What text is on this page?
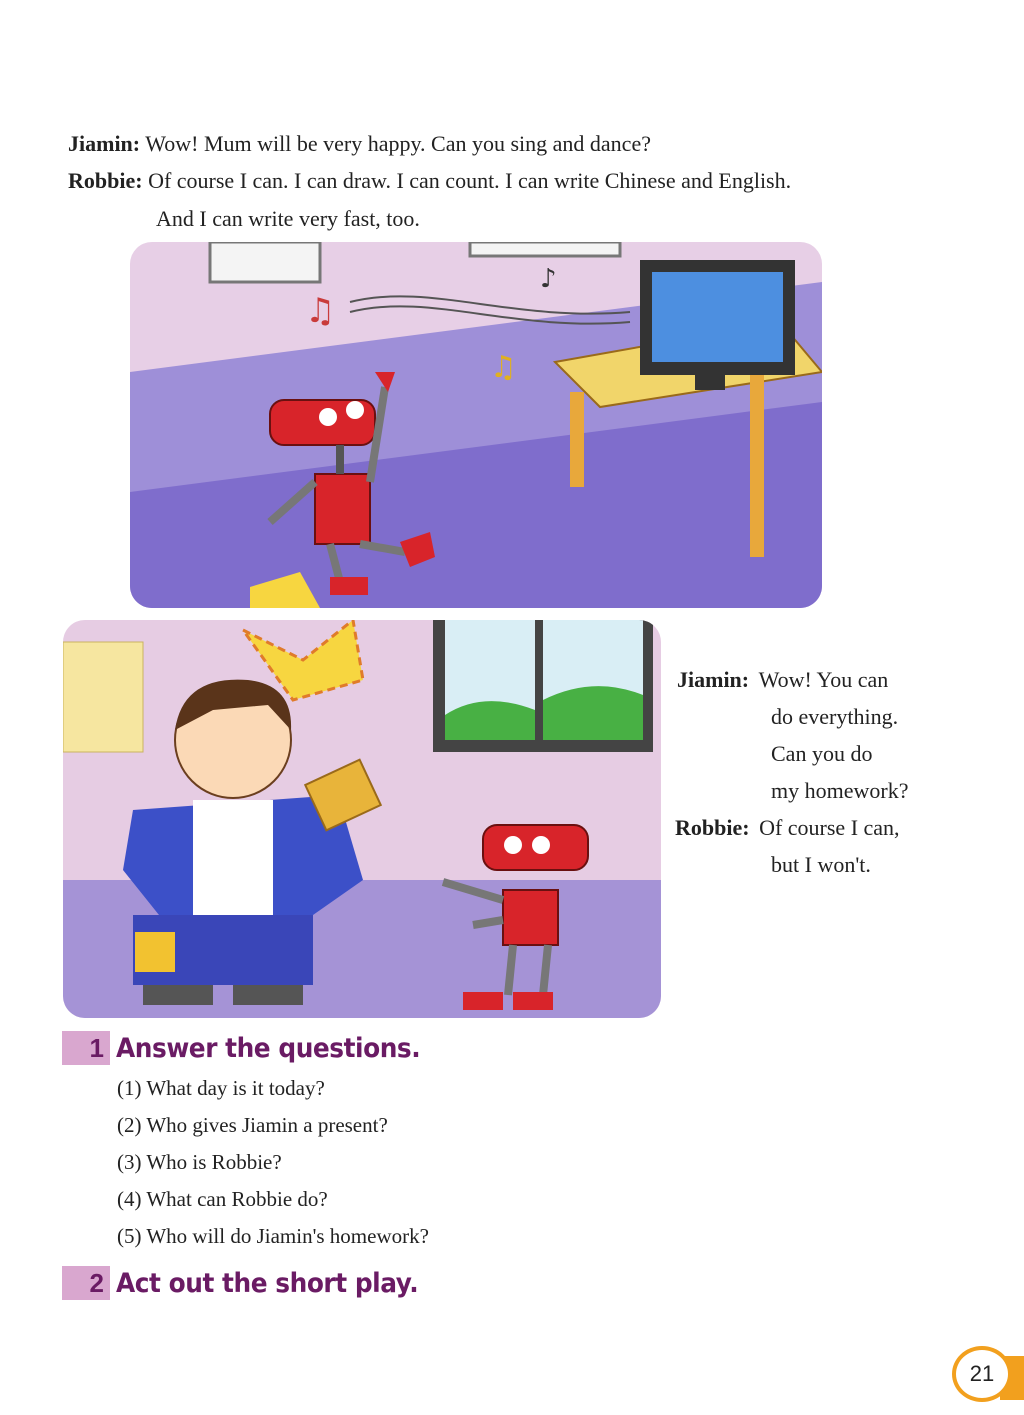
Jiamin: Wow! Mum will be very happy. Can you sing and dance?
Robbie: Of course I can. I can draw. I can count. I can write Chinese and English.
And I can write very fast, too.
♫
♫
♪
Jiamin: Wow! You can
do everything.
Can you do
my homework?
Robbie: Of course I can,
but I won't.
1 Answer the questions.
(1) What day is it today?
(2) Who gives Jiamin a present?
(3) Who is Robbie?
(4) What can Robbie do?
(5) Who will do Jiamin's homework?
2 Act out the short play.
21
